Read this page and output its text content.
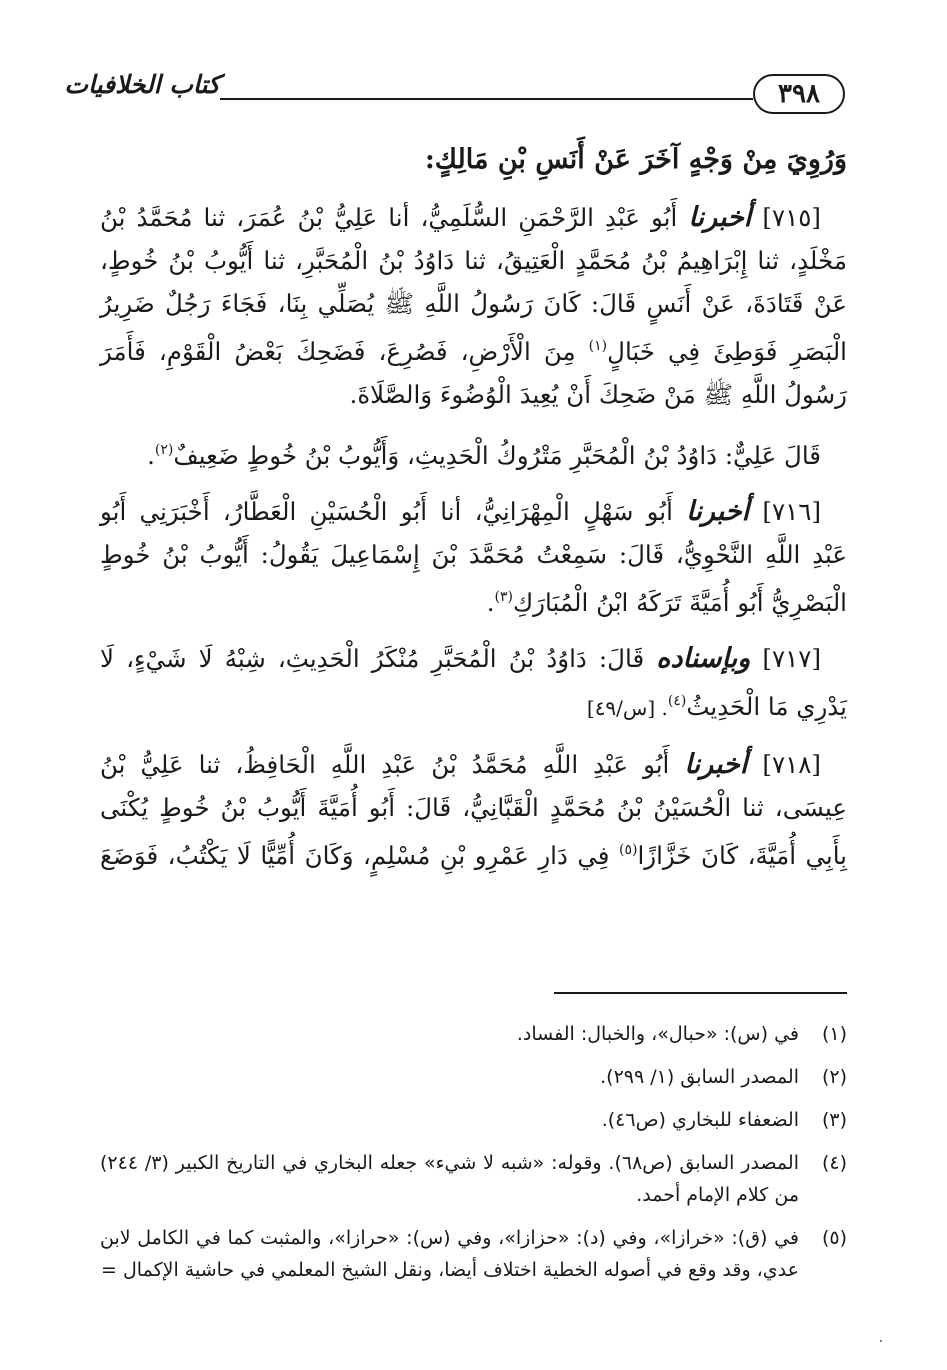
٣٩٨
كتاب الخلافيات
وَرُوِيَ مِنْ وَجْهٍ آخَرَ عَنْ أَنَسِ بْنِ مَالِكٍ:
[٧١٥] أخبرنا أَبُو عَبْدِ الرَّحْمَنِ السُّلَمِيُّ، أنا عَلِيُّ بْنُ عُمَرَ، ثنا مُحَمَّدُ بْنُ
مَخْلَدٍ، ثنا إِبْرَاهِيمُ بْنُ مُحَمَّدٍ الْعَتِيقُ، ثنا دَاوُدُ بْنُ الْمُحَبَّرِ، ثنا أَيُّوبُ بْنُ خُوطٍ،
عَنْ قَتَادَةَ، عَنْ أَنَسٍ قَالَ: كَانَ رَسُولُ اللَّهِ ﷺ يُصَلِّي بِنَا، فَجَاءَ رَجُلٌ ضَرِيرُ
الْبَصَرِ فَوَطِئَ فِي خَبَالٍ$^{(١)}$ مِنَ الْأَرْضِ، فَصُرِعَ، فَضَحِكَ بَعْضُ الْقَوْمِ، فَأَمَرَ
رَسُولُ اللَّهِ ﷺ مَنْ ضَحِكَ أَنْ يُعِيدَ الْوُضُوءَ وَالصَّلَاةَ.
قَالَ عَلِيٌّ: دَاوُدُ بْنُ الْمُحَبَّرِ مَتْرُوكُ الْحَدِيثِ، وَأَيُّوبُ بْنُ خُوطٍ ضَعِيفٌ$^{(٢)}$.
[٧١٦] أخبرنا أَبُو سَهْلٍ الْمِهْرَانِيُّ، أنا أَبُو الْحُسَيْنِ الْعَطَّارُ، أَخْبَرَنِي أَبُو
عَبْدِ اللَّهِ النَّحْوِيُّ، قَالَ: سَمِعْتُ مُحَمَّدَ بْنَ إِسْمَاعِيلَ يَقُولُ: أَيُّوبُ بْنُ خُوطٍ
الْبَصْرِيُّ أَبُو أُمَيَّةَ تَرَكَهُ ابْنُ الْمُبَارَكِ$^{(٣)}$.
[٧١٧] وبإسناده قَالَ: دَاوُدُ بْنُ الْمُحَبَّرِ مُنْكَرُ الْحَدِيثِ، شِبْهُ لَا شَيْءٍ، لَا
يَدْرِي مَا الْحَدِيثُ$^{(٤)}$. [س/٤٩]
[٧١٨] أخبرنا أَبُو عَبْدِ اللَّهِ مُحَمَّدُ بْنُ عَبْدِ اللَّهِ الْحَافِظُ، ثنا عَلِيُّ بْنُ
عِيسَى، ثنا الْحُسَيْنُ بْنُ مُحَمَّدٍ الْقَبَّانِيُّ، قَالَ: أَبُو أُمَيَّةَ أَيُّوبُ بْنُ خُوطٍ يُكْنَى
بِأَبِي أُمَيَّةَ، كَانَ خَزَّازًا$^{(٥)}$ فِي دَارِ عَمْرِو بْنِ مُسْلِمٍ، وَكَانَ أُمِّيًّا لَا يَكْتُبُ، فَوَضَعَ
(١)
في (س): «حبال»، والخبال: الفساد.
(٢)
المصدر السابق (١/ ٢٩٩).
(٣)
الضعفاء للبخاري (ص٤٦).
(٤)
المصدر السابق (ص٦٨). وقوله: «شبه لا شيء» جعله البخاري في التاريخ الكبير (٣/ ٢٤٤) من كلام الإمام أحمد.
(٥)
في (ق): «خرازا»، وفي (د): «حزازا»، وفي (س): «حرازا»، والمثبت كما في الكامل لابن عدي، وقد وقع في أصوله الخطية اختلاف أيضا، ونقل الشيخ المعلمي في حاشية الإكمال =
